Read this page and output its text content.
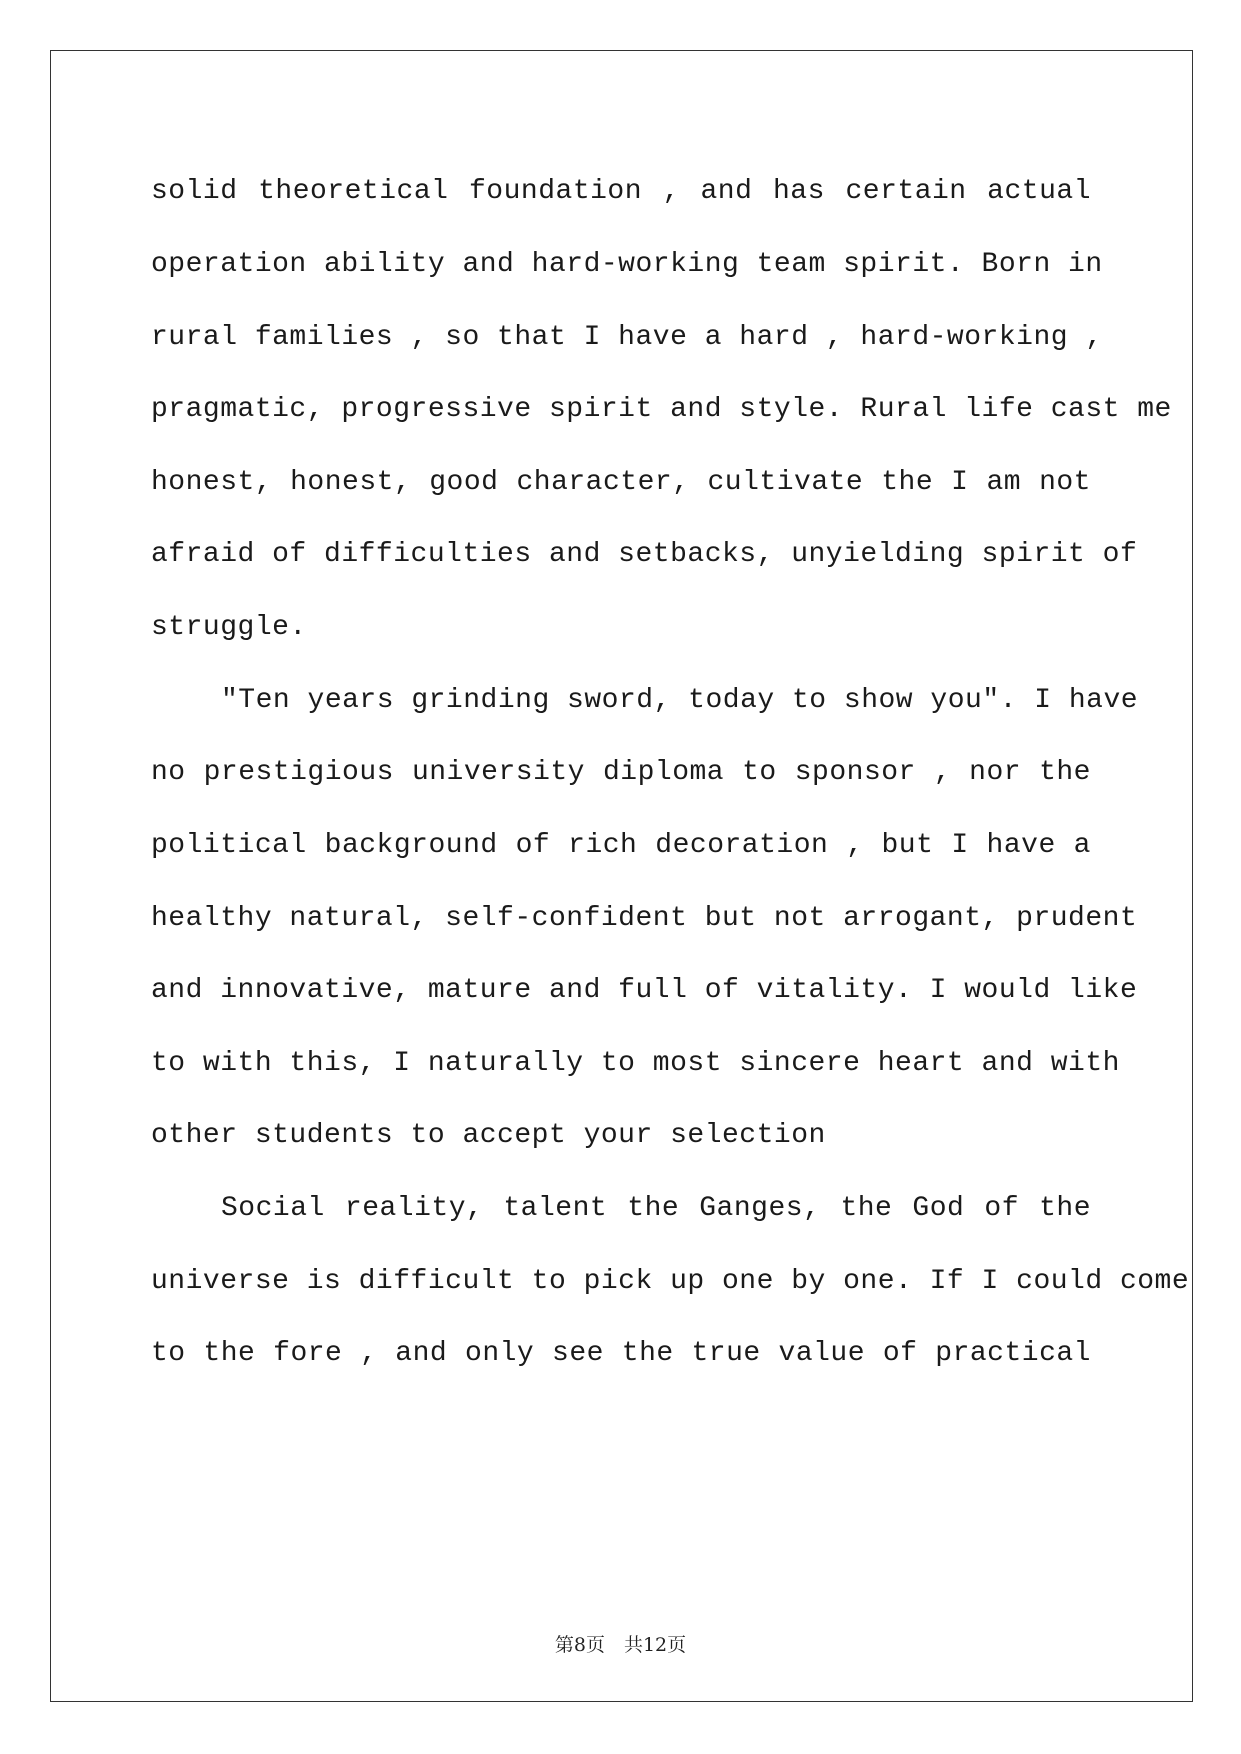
solid theoretical foundation , and has certain actual
operation ability and hard-working team spirit. Born in
rural families , so that I have a hard , hard-working ,
pragmatic, progressive spirit and style. Rural life cast me
honest, honest, good character, cultivate the I am not
afraid of difficulties and setbacks, unyielding spirit of
struggle.
"Ten years grinding sword, today to show you". I have
no prestigious university diploma to sponsor , nor the
political background of rich decoration , but I have a
healthy natural, self-confident but not arrogant, prudent
and innovative, mature and full of vitality. I would like
to with this, I naturally to most sincere heart and with
other students to accept your selection
Social reality, talent the Ganges, the God of the
universe is difficult to pick up one by one. If I could come
to the fore , and only see the true value of practical
第8页　共12页
